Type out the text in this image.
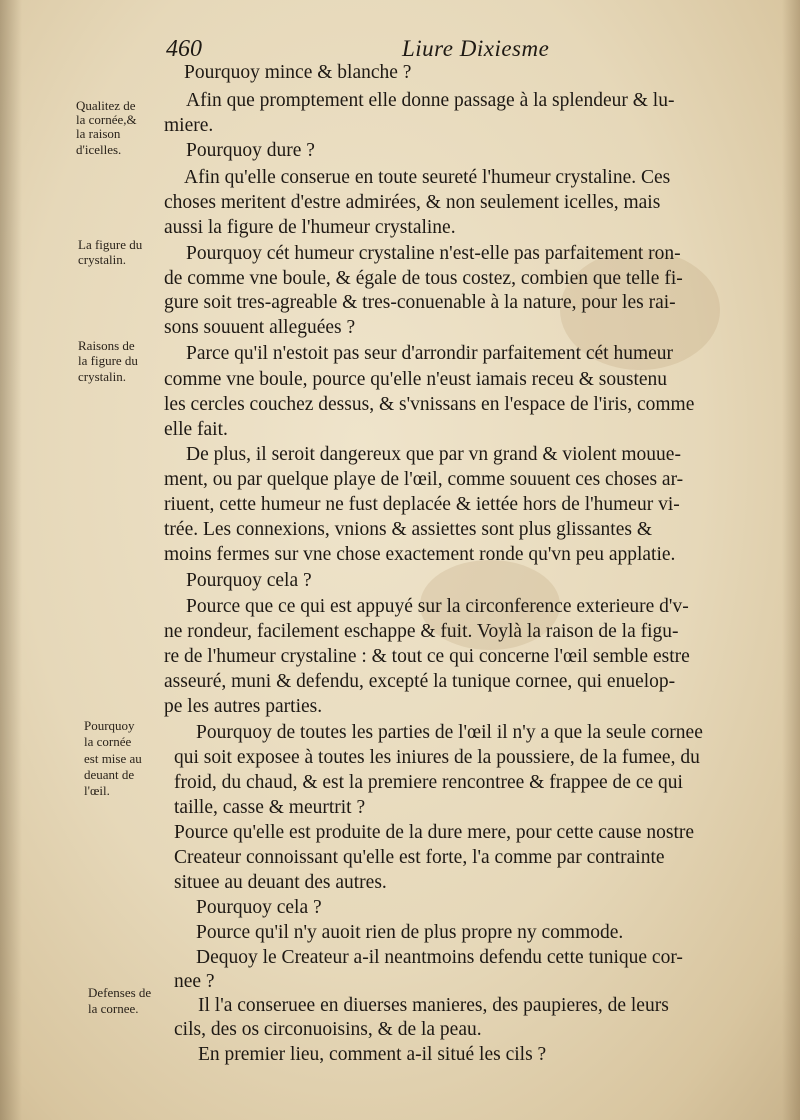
460	Liure Dixiesme
Qualitez de
la cornée,&
la raison
d'icelles.
La figure du
crystalin.
Raisons de
la figure du
crystalin.
Pourquoy
la cornée
est mise au
deuant de
l'œil.
Defenses de
la cornee.
Pourquoy mince & blanche ?
Afin que promptement elle donne passage à la splendeur & lu-
miere.
Pourquoy dure ?
Afin qu'elle conserue en toute seureté l'humeur crystaline. Ces
choses meritent d'estre admirées, & non seulement icelles, mais
aussi la figure de l'humeur crystaline.
Pourquoy cét humeur crystaline n'est-elle pas parfaitement ron-
de comme vne boule, & égale de tous costez, combien que telle fi-
gure soit tres-agreable & tres-conuenable à la nature, pour les rai-
sons souuent alleguées ?
Parce qu'il n'estoit pas seur d'arrondir parfaitement cét humeur
comme vne boule, pource qu'elle n'eust iamais receu & soustenu
les cercles couchez dessus, & s'vnissans en l'espace de l'iris, comme
elle fait.
De plus, il seroit dangereux que par vn grand & violent mouue-
ment, ou par quelque playe de l'œil, comme souuent ces choses ar-
riuent, cette humeur ne fust deplacée & iettée hors de l'humeur vi-
trée. Les connexions, vnions & assiettes sont plus glissantes &
moins fermes sur vne chose exactement ronde qu'vn peu applatie.
Pourquoy cela ?
Pource que ce qui est appuyé sur la circonference exterieure d'v-
ne rondeur, facilement eschappe & fuit. Voylà la raison de la figu-
re de l'humeur crystaline : & tout ce qui concerne l'œil semble estre
asseuré, muni & defendu, excepté la tunique cornee, qui enuelop-
pe les autres parties.
Pourquoy de toutes les parties de l'œil il n'y a que la seule cornee
qui soit exposee à toutes les iniures de la poussiere, de la fumee, du
froid, du chaud, & est la premiere rencontree & frappee de ce qui
taille, casse & meurtrit ?
Pource qu'elle est produite de la dure mere, pour cette cause nostre
Createur connoissant qu'elle est forte, l'a comme par contrainte
situee au deuant des autres.
Pourquoy cela ?
Pource qu'il n'y auoit rien de plus propre ny commode.
Dequoy le Createur a-il neantmoins defendu cette tunique cor-
nee ?
Il l'a conseruee en diuerses manieres, des paupieres, de leurs
cils, des os circonuoisins, & de la peau.
En premier lieu, comment a-il situé les cils ?
